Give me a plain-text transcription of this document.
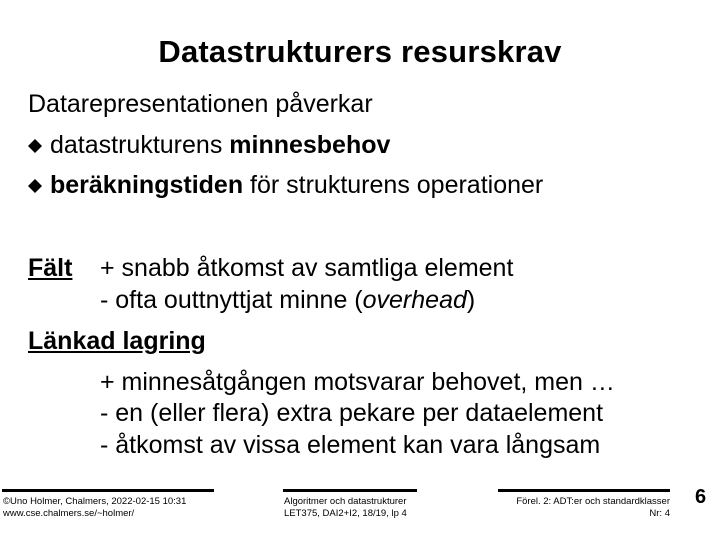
Datastrukturers resurskrav
Datarepresentationen påverkar
datastrukturens minnesbehov
beräkningstiden för strukturens operationer
Fält + snabb åtkomst av samtliga element
- ofta outtnyttjat minne (overhead)
Länkad lagring
+ minnesåtgången motsvarar behovet, men …
- en (eller flera) extra pekare per dataelement
- åtkomst av vissa element kan vara långsam
©Uno Holmer, Chalmers, 2022-02-15 10:31
www.cse.chalmers.se/~holmer/
Algoritmer och datastrukturer
LET375, DAI2+I2, 18/19, lp 4
Förel. 2: ADT:er och standardklasser
Nr: 4
6
